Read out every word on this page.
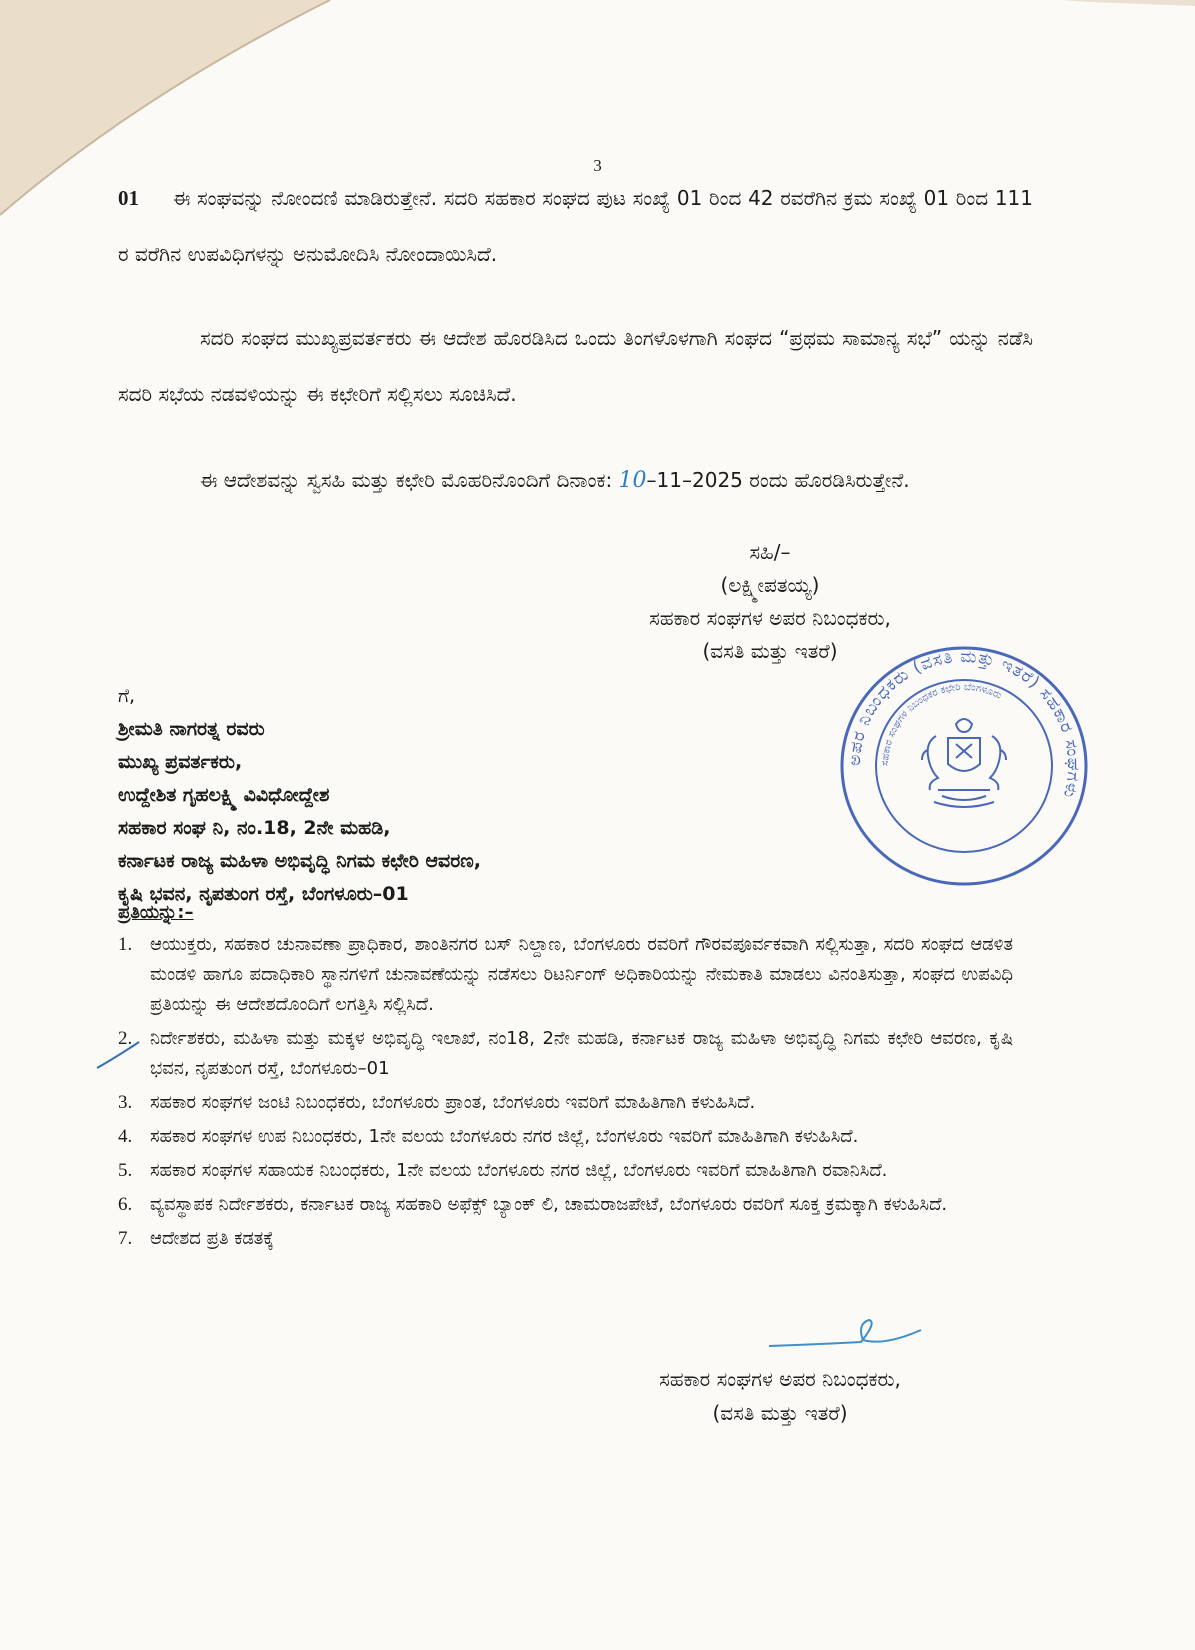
3

01 ಈ ಸಂಘವನ್ನು ನೋಂದಣಿ ಮಾಡಿರುತ್ತೇನೆ. ಸದರಿ ಸಹಕಾರ ಸಂಘದ ಪುಟ ಸಂಖ್ಯೆ 01 ರಿಂದ 42 ರವರೆಗಿನ ಕ್ರಮ ಸಂಖ್ಯೆ 01 ರಿಂದ 111 ರ ವರೆಗಿನ ಉಪವಿಧಿಗಳನ್ನು ಅನುಮೋದಿಸಿ ನೋಂದಾಯಿಸಿದೆ.

ಸದರಿ ಸಂಘದ ಮುಖ್ಯಪ್ರವರ್ತಕರು ಈ ಆದೇಶ ಹೊರಡಿಸಿದ ಒಂದು ತಿಂಗಳೊಳಗಾಗಿ ಸಂಘದ “ಪ್ರಥಮ ಸಾಮಾನ್ಯ ಸಭೆ” ಯನ್ನು ನಡೆಸಿ ಸದರಿ ಸಭೆಯ ನಡವಳಿಯನ್ನು ಈ ಕಛೇರಿಗೆ ಸಲ್ಲಿಸಲು ಸೂಚಿಸಿದೆ.

ಈ ಆದೇಶವನ್ನು ಸ್ವಸಹಿ ಮತ್ತು ಕಛೇರಿ ಮೊಹರಿನೊಂದಿಗೆ ದಿನಾಂಕ: 10–11–2025 ರಂದು ಹೊರಡಿಸಿರುತ್ತೇನೆ.

ಸಹಿ/–
(ಲಕ್ಷ್ಮೀಪತಯ್ಯ)
ಸಹಕಾರ ಸಂಘಗಳ ಅಪರ ನಿಬಂಧಕರು,
(ವಸತಿ ಮತ್ತು ಇತರೆ)
ಅಪರ ನಿಬಂಧಕರು (ವಸತಿ ಮತ್ತು ಇತರೆ) ಸಹಕಾರ ಸಂಘಗಳು
ಸಹಕಾರ ಸಂಘಗಳ ನಿಬಂಧಕರ ಕಛೇರಿ ಬೆಂಗಳೂರು
ಗೆ,
ಶ್ರೀಮತಿ ನಾಗರತ್ನ ರವರು
ಮುಖ್ಯ ಪ್ರವರ್ತಕರು,
ಉದ್ದೇಶಿತ ಗೃಹಲಕ್ಷ್ಮಿ ವಿವಿಧೋದ್ದೇಶ
ಸಹಕಾರ ಸಂಘ ನಿ, ನಂ.18, 2ನೇ ಮಹಡಿ,
ಕರ್ನಾಟಕ ರಾಜ್ಯ ಮಹಿಳಾ ಅಭಿವೃದ್ಧಿ ನಿಗಮ ಕಛೇರಿ ಆವರಣ,
ಕೃಷಿ ಭವನ, ನೃಪತುಂಗ ರಸ್ತೆ, ಬೆಂಗಳೂರು–01
ಪ್ರತಿಯನ್ನು:–
1. ಆಯುಕ್ತರು, ಸಹಕಾರ ಚುನಾವಣಾ ಪ್ರಾಧಿಕಾರ, ಶಾಂತಿನಗರ ಬಸ್ ನಿಲ್ದಾಣ, ಬೆಂಗಳೂರು ರವರಿಗೆ ಗೌರವಪೂರ್ವಕವಾಗಿ ಸಲ್ಲಿಸುತ್ತಾ, ಸದರಿ ಸಂಘದ ಆಡಳಿತ ಮಂಡಳಿ ಹಾಗೂ ಪದಾಧಿಕಾರಿ ಸ್ಥಾನಗಳಿಗೆ ಚುನಾವಣೆಯನ್ನು ನಡೆಸಲು ರಿಟರ್ನಿಂಗ್ ಅಧಿಕಾರಿಯನ್ನು ನೇಮಕಾತಿ ಮಾಡಲು ವಿನಂತಿಸುತ್ತಾ, ಸಂಘದ ಉಪವಿಧಿ ಪ್ರತಿಯನ್ನು ಈ ಆದೇಶದೊಂದಿಗೆ ಲಗತ್ತಿಸಿ ಸಲ್ಲಿಸಿದೆ.
2. ನಿರ್ದೇಶಕರು, ಮಹಿಳಾ ಮತ್ತು ಮಕ್ಕಳ ಅಭಿವೃದ್ಧಿ ಇಲಾಖೆ, ನಂ18, 2ನೇ ಮಹಡಿ, ಕರ್ನಾಟಕ ರಾಜ್ಯ ಮಹಿಳಾ ಅಭಿವೃದ್ಧಿ ನಿಗಮ ಕಛೇರಿ ಆವರಣ, ಕೃಷಿ ಭವನ, ನೃಪತುಂಗ ರಸ್ತೆ, ಬೆಂಗಳೂರು–01
3. ಸಹಕಾರ ಸಂಘಗಳ ಜಂಟಿ ನಿಬಂಧಕರು, ಬೆಂಗಳೂರು ಪ್ರಾಂತ, ಬೆಂಗಳೂರು ಇವರಿಗೆ ಮಾಹಿತಿಗಾಗಿ ಕಳುಹಿಸಿದೆ.
4. ಸಹಕಾರ ಸಂಘಗಳ ಉಪ ನಿಬಂಧಕರು, 1ನೇ ವಲಯ ಬೆಂಗಳೂರು ನಗರ ಜಿಲ್ಲೆ, ಬೆಂಗಳೂರು ಇವರಿಗೆ ಮಾಹಿತಿಗಾಗಿ ಕಳುಹಿಸಿದೆ.
5. ಸಹಕಾರ ಸಂಘಗಳ ಸಹಾಯಕ ನಿಬಂಧಕರು, 1ನೇ ವಲಯ ಬೆಂಗಳೂರು ನಗರ ಜಿಲ್ಲೆ, ಬೆಂಗಳೂರು ಇವರಿಗೆ ಮಾಹಿತಿಗಾಗಿ ರವಾನಿಸಿದೆ.
6. ವ್ಯವಸ್ಥಾಪಕ ನಿರ್ದೇಶಕರು, ಕರ್ನಾಟಕ ರಾಜ್ಯ ಸಹಕಾರಿ ಅಫೆಕ್ಸ್ ಬ್ಯಾಂಕ್ ಲಿ, ಚಾಮರಾಜಪೇಟೆ, ಬೆಂಗಳೂರು ರವರಿಗೆ ಸೂಕ್ತ ಕ್ರಮಕ್ಕಾಗಿ ಕಳುಹಿಸಿದೆ.
7. ಆದೇಶದ ಪ್ರತಿ ಕಡತಕ್ಕೆ
ಸಹಕಾರ ಸಂಘಗಳ ಅಪರ ನಿಬಂಧಕರು,
(ವಸತಿ ಮತ್ತು ಇತರೆ)
